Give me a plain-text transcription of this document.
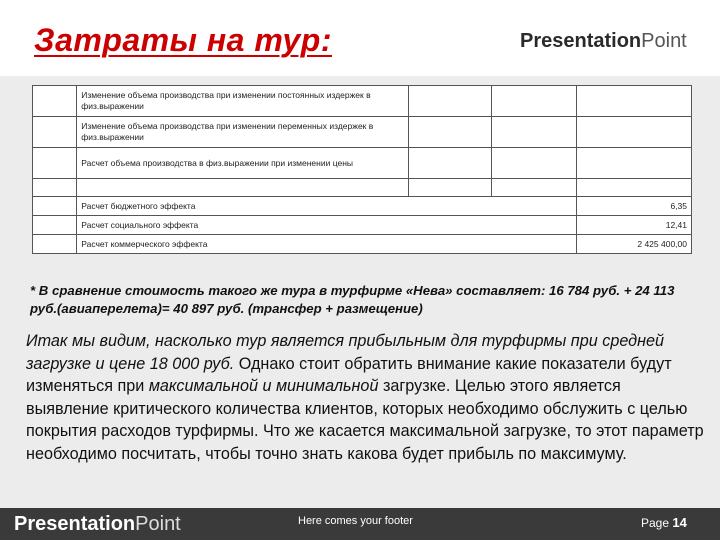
Затраты на тур:	PresentationPoint
	Изменение объема производства при изменении постоянных издержек в физ.выражении			
	Изменение объема производства при изменении переменных издержек в физ.выражении			
	Расчет объема производства в физ.выражении при изменении цены			

	Расчет бюджетного эффекта			6,35
	Расчет социального эффекта			12,41
	Расчет коммерческого эффекта			2 425 400,00
* В сравнение стоимость такого же тура в турфирме «Нева» составляет: 16 784 руб. + 24 113 руб.(авиаперелета)= 40 897 руб. (трансфер + размещение)
Итак мы видим, насколько тур является прибыльным для турфирмы при средней загрузке и цене 18 000 руб. Однако стоит обратить внимание какие показатели будут изменяться при максимальной и минимальной загрузке. Целью этого является выявление критического количества клиентов, которых необходимо обслужить с целью покрытия расходов турфирмы. Что же касается максимальной загрузке, то этот параметр необходимо посчитать, чтобы точно знать какова будет прибыль по максимуму.
PresentationPoint	Here comes your footer	Page 14
